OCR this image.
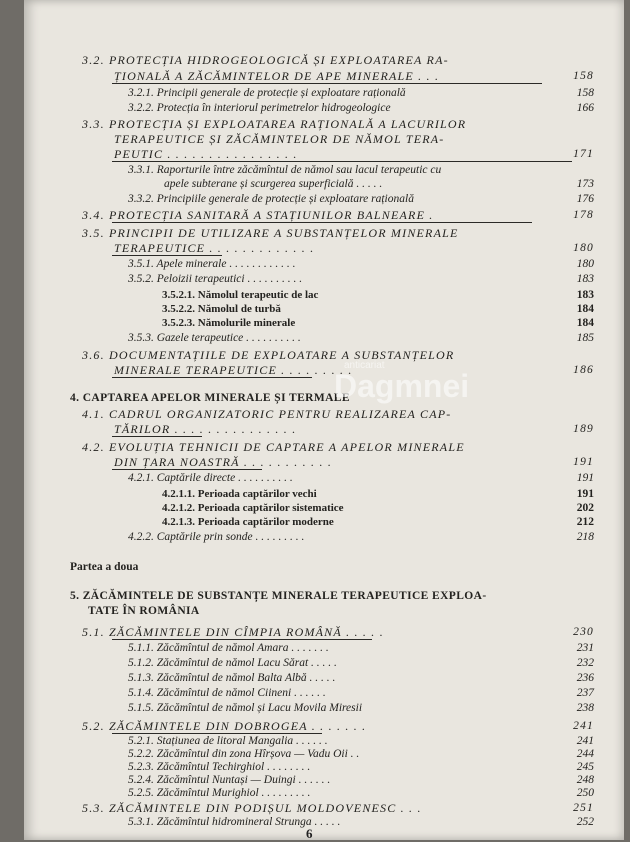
3.2. PROTECȚIA HIDROGEOLOGICĂ ȘI EXPLOATAREA RA-
ȚIONALĂ A ZĂCĂMINTELOR DE APE MINERALE . . .	158
3.2.1. Principii generale de protecție și exploatare rațională	158
3.2.2. Protecția în interiorul perimetrelor hidrogeologice	166
3.3. PROTECȚIA ȘI EXPLOATAREA RAȚIONALĂ A LACURILOR
TERAPEUTICE ȘI ZĂCĂMINTELOR DE NĂMOL TERA-
PEUTIC . . . . . . . . . . . . . . . .	171
3.3.1. Raporturile între zăcămîntul de nămol sau lacul terapeutic cu
apele subterane și scurgerea superficială . . . . .	173
3.3.2. Principiile generale de protecție și exploatare rațională	176
3.4. PROTECȚIA SANITARĂ A STAȚIUNILOR BALNEARE .	178
3.5. PRINCIPII DE UTILIZARE A SUBSTANȚELOR MINERALE
TERAPEUTICE . . . . . . . . . . . . .	180
3.5.1. Apele minerale . . . . . . . . . . . .	180
3.5.2. Peloizii terapeutici . . . . . . . . . .	183
3.5.2.1. Nămolul terapeutic de lac	183
3.5.2.2. Nămolul de turbă	184
3.5.2.3. Nămolurile minerale	184
3.5.3. Gazele terapeutice . . . . . . . . . .	185
3.6. DOCUMENTAȚIILE DE EXPLOATARE A SUBSTANȚELOR
MINERALE TERAPEUTICE . . . . . . . . .	186
4. CAPTAREA APELOR MINERALE ȘI TERMALE
4.1. CADRUL ORGANIZATORIC PENTRU REALIZAREA CAP-
TĂRILOR . . . . . . . . . . . . . . .	189
4.2. EVOLUȚIA TEHNICII DE CAPTARE A APELOR MINERALE
DIN ȚARA NOASTRĂ . . . . . . . . . . .	191
4.2.1. Captările directe . . . . . . . . . .	191
4.2.1.1. Perioada captărilor vechi	191
4.2.1.2. Perioada captărilor sistematice	202
4.2.1.3. Perioada captărilor moderne	212
4.2.2. Captările prin sonde . . . . . . . . .	218
Partea a doua
5. ZĂCĂMINTELE DE SUBSTANȚE MINERALE TERAPEUTICE EXPLOA-
TATE ÎN ROMÂNIA
5.1. ZĂCĂMINTELE DIN CÎMPIA ROMÂNĂ . . . . .	230
5.1.1. Zăcămîntul de nămol Amara . . . . . . .	231
5.1.2. Zăcămîntul de nămol Lacu Sărat . . . . .	232
5.1.3. Zăcămîntul de nămol Balta Albă . . . . .	236
5.1.4. Zăcămîntul de nămol Ciineni . . . . . .	237
5.1.5. Zăcămîntul de nămol și Lacu Movila Miresii	238
5.2. ZĂCĂMINTELE DIN DOBROGEA . . . . . . .	241
5.2.1. Stațiunea de litoral Mangalia . . . . . .	241
5.2.2. Zăcămîntul din zona Hîrșova — Vadu Oii . .	244
5.2.3. Zăcămîntul Techirghiol . . . . . . . .	245
5.2.4. Zăcămîntul Nuntași — Duingi . . . . . .	248
5.2.5. Zăcămîntul Murighiol . . . . . . . . .	250
5.3. ZĂCĂMINTELE DIN PODIȘUL MOLDOVENESC . . .	251
5.3.1. Zăcămîntul hidromineral Strunga . . . . .	252
anticariat
Dagmnei
6
